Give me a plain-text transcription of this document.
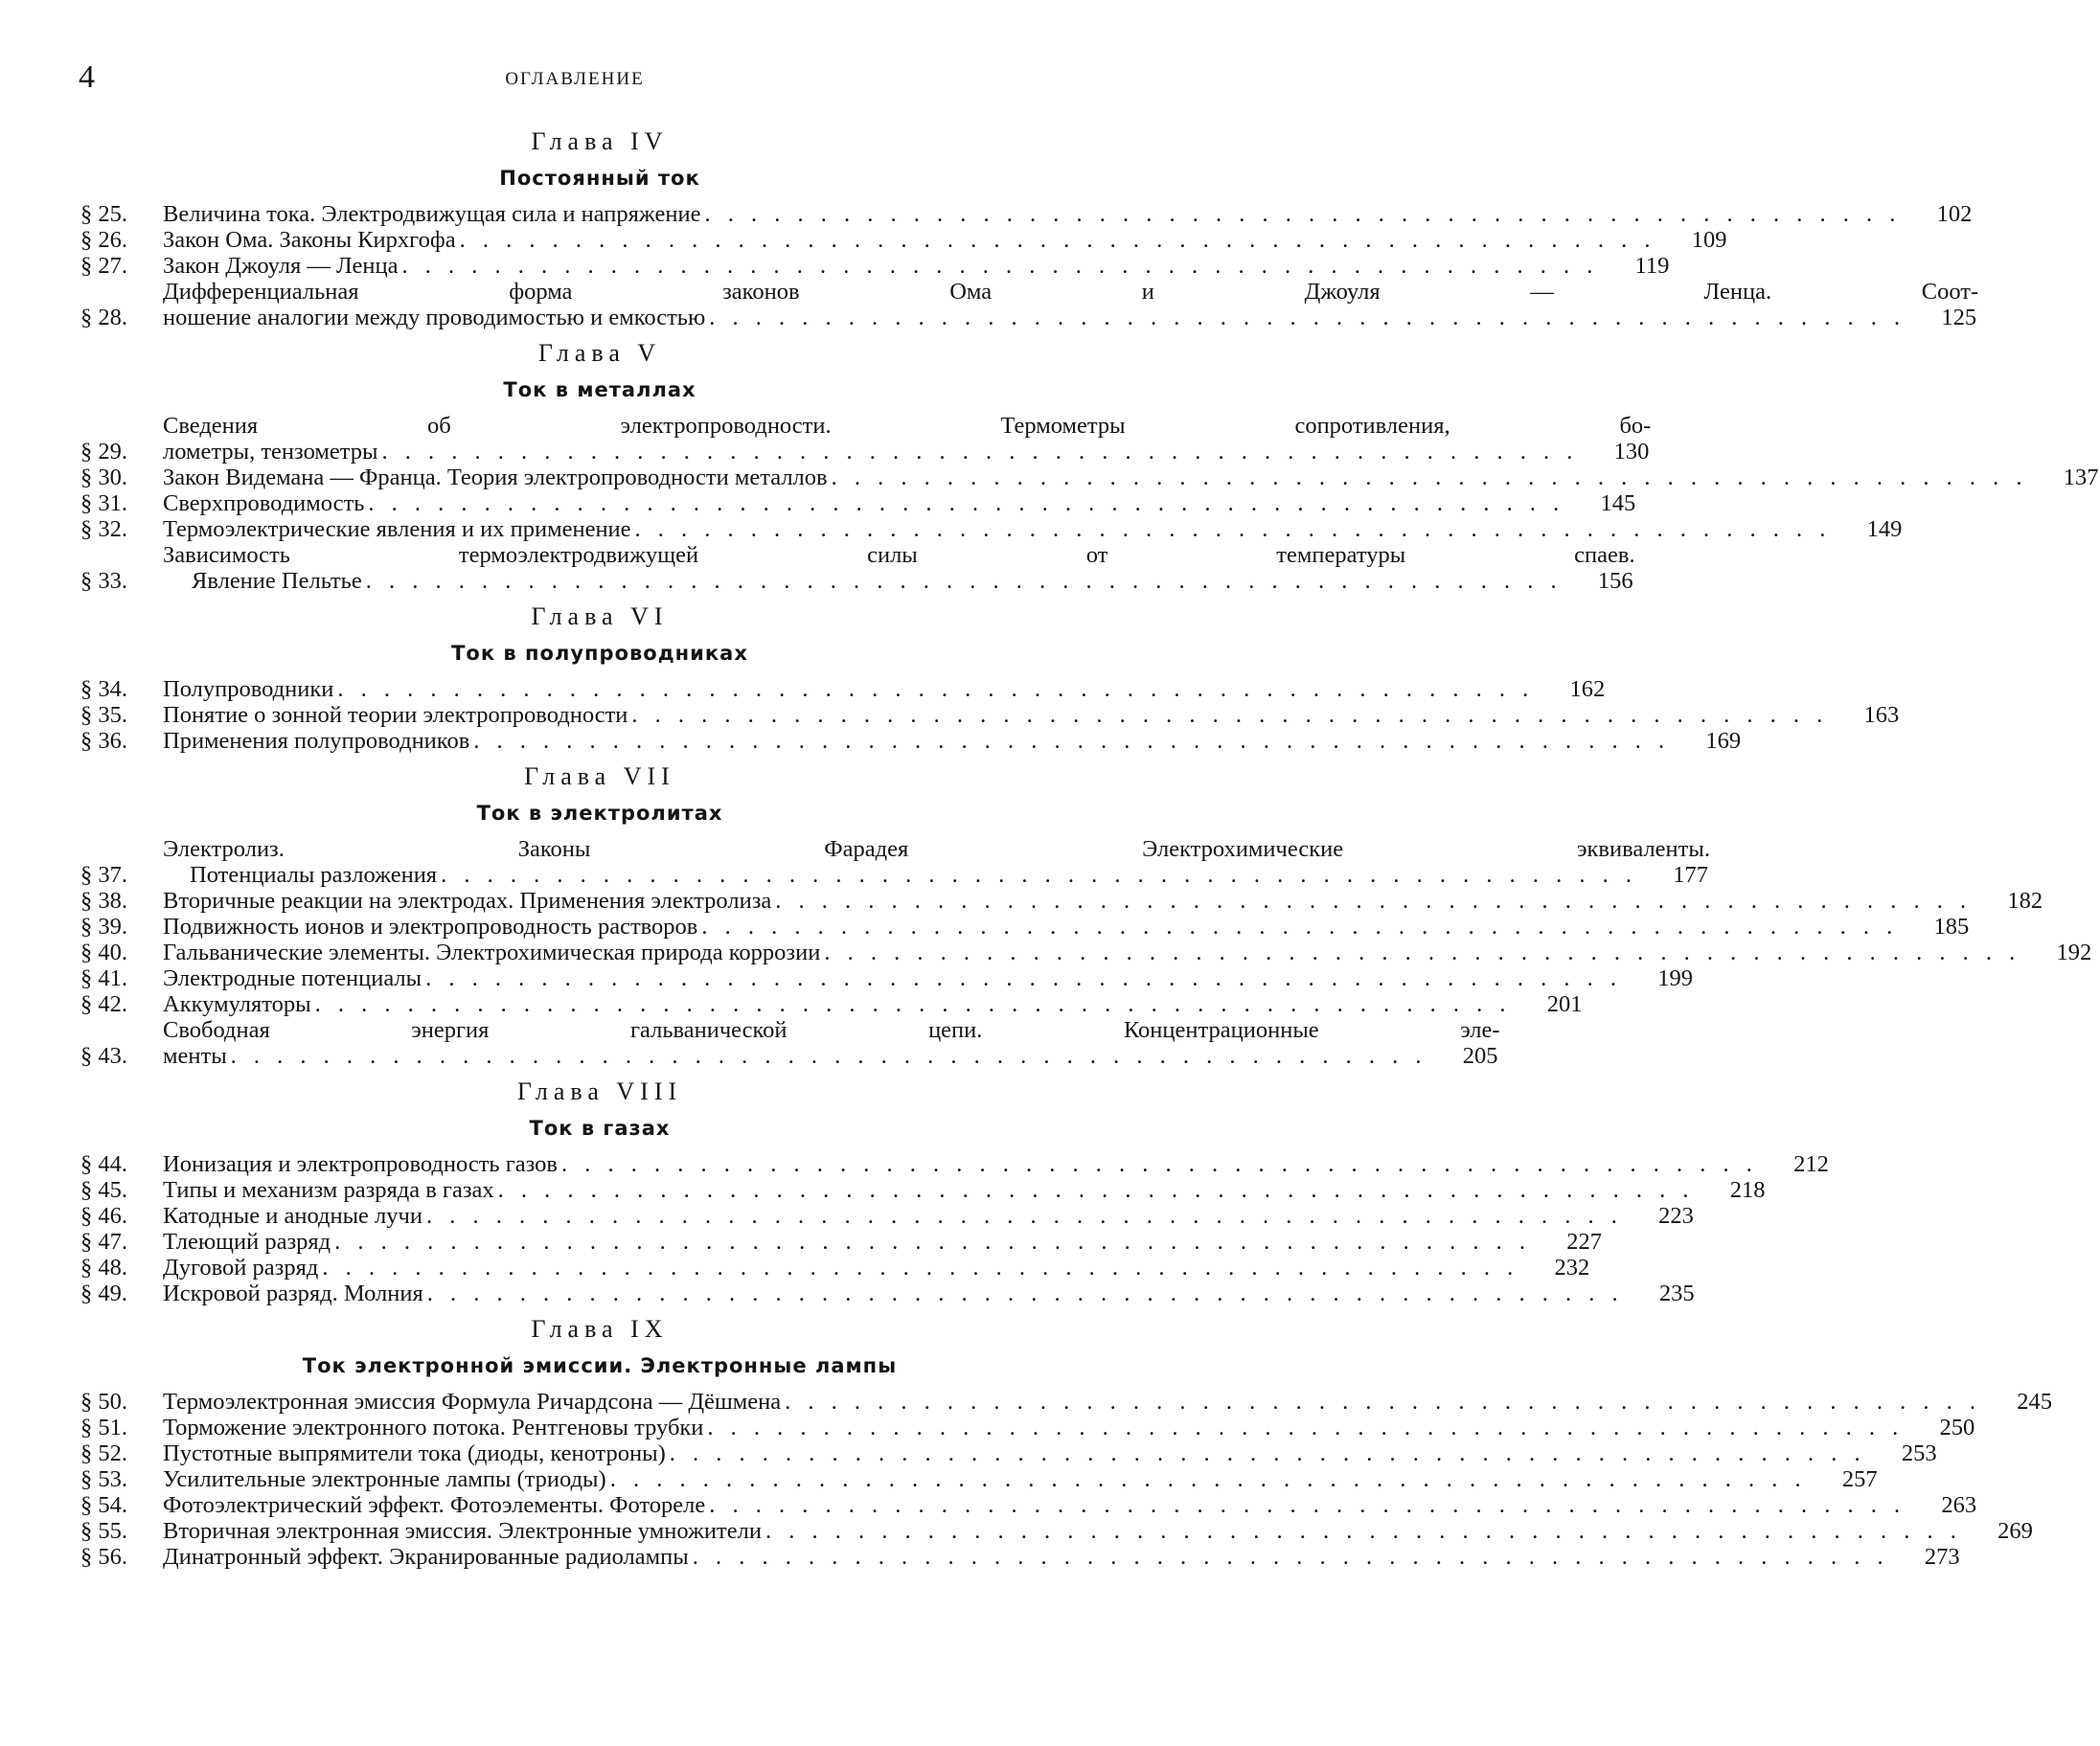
4	ОГЛАВЛЕНИЕ
Глава IV
Постоянный ток
§ 25.	Величина тока. Электродвижущая сила и напряжение . . .	102
§ 26.	Закон Ома. Законы Кирхгофа . . .	109
§ 27.	Закон Джоуля — Ленца . . .	119
§ 28.
Дифференциальная форма законов Ома и Джоуля — Ленца. Соот-
ношение аналогии между проводимостью и емкостью . . .	125
Глава V
Ток в металлах
§ 29.
Сведения об электропроводности. Термометры сопротивления, бо-
лометры, тензометры . . .	130
§ 30.	Закон Видемана — Франца. Теория электропроводности металлов . . .	137
§ 31.	Сверхпроводимость . . .	145
§ 32.	Термоэлектрические явления и их применение . . .	149
§ 33.
Зависимость термоэлектродвижущей силы от температуры спаев.
Явление Пельтье . . .	156
Глава VI
Ток в полупроводниках
§ 34.	Полупроводники . . .	162
§ 35.	Понятие о зонной теории электропроводности . . .	163
§ 36.	Применения полупроводников . . .	169
Глава VII
Ток в электролитах
§ 37.
Электролиз. Законы Фарадея Электрохимические эквиваленты.
Потенциалы разложения . . .	177
§ 38.	Вторичные реакции на электродах. Применения электролиза . . .	182
§ 39.	Подвижность ионов и электропроводность растворов . . .	185
§ 40.	Гальванические элементы. Электрохимическая природа коррозии . . .	192
§ 41.	Электродные потенциалы . . .	199
§ 42.	Аккумуляторы . . .	201
§ 43.
Свободная энергия гальванической цепи. Концентрационные эле-
менты . . .	205
Глава VIII
Ток в газах
§ 44.	Ионизация и электропроводность газов . . .	212
§ 45.	Типы и механизм разряда в газах . . .	218
§ 46.	Катодные и анодные лучи . . .	223
§ 47.	Тлеющий разряд . . .	227
§ 48.	Дуговой разряд . . .	232
§ 49.	Искровой разряд. Молния . . .	235
Глава IX
Ток электронной эмиссии. Электронные лампы
§ 50.	Термоэлектронная эмиссия Формула Ричардсона — Дёшмена . . .	245
§ 51.	Торможение электронного потока. Рентгеновы трубки . . .	250
§ 52.	Пустотные выпрямители тока (диоды, кенотроны) . . .	253
§ 53.	Усилительные электронные лампы (триоды) . . .	257
§ 54.	Фотоэлектрический эффект. Фотоэлементы. Фотореле . . .	263
§ 55.	Вторичная электронная эмиссия. Электронные умножители . . .	269
§ 56.	Динатронный эффект. Экранированные радиолампы . . .	273
